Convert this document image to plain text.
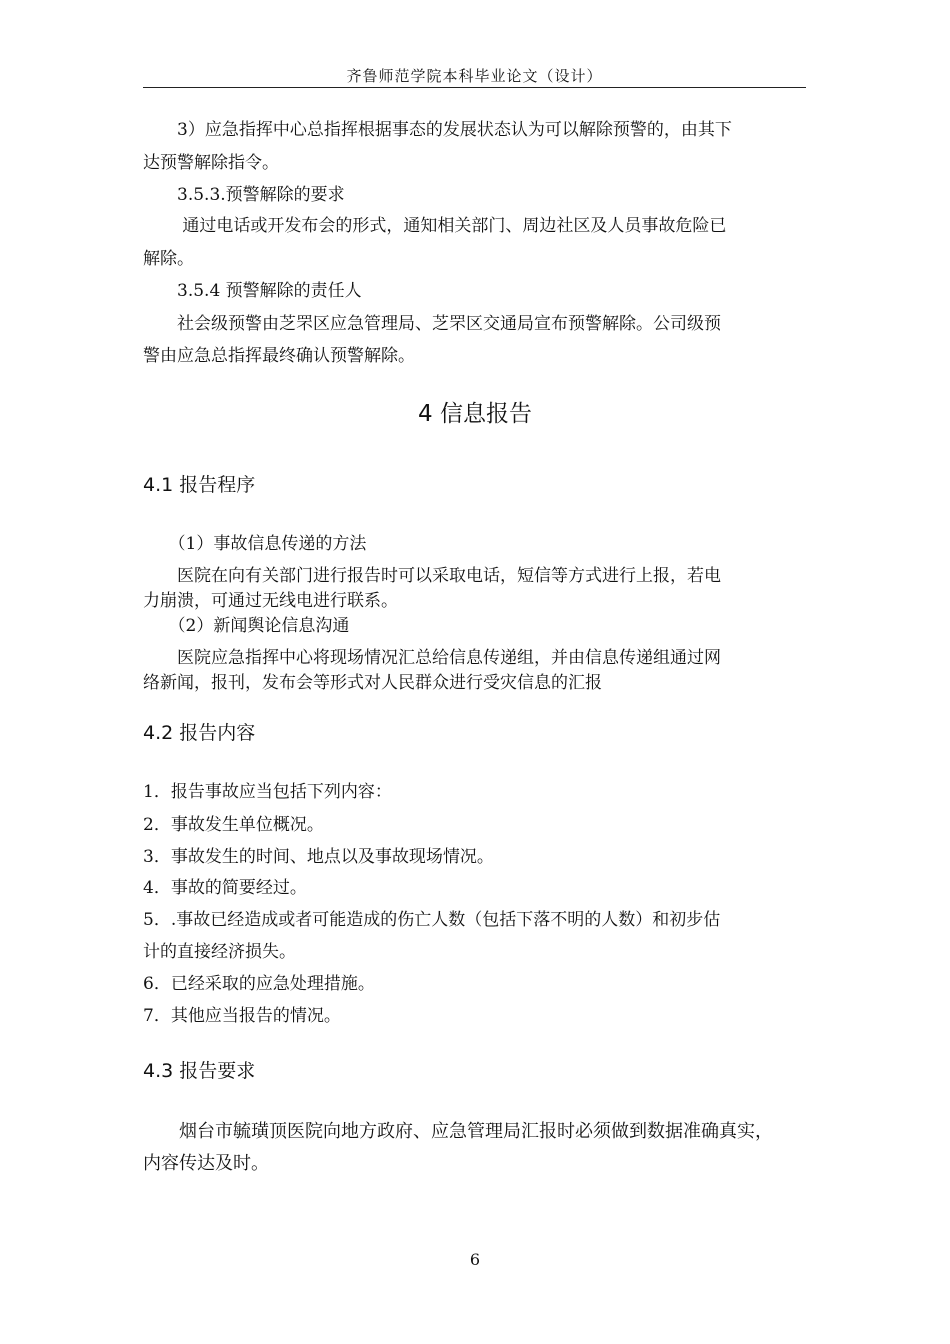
齐鲁师范学院本科毕业论文（设计）
　　3）应急指挥中心总指挥根据事态的发展状态认为可以解除预警的，由其下
达预警解除指令。
　　3.5.3.预警解除的要求
　　 通过电话或开发布会的形式，通知相关部门、周边社区及人员事故危险已
解除。
　　3.5.4 预警解除的责任人
　　社会级预警由芝罘区应急管理局、芝罘区交通局宣布预警解除。公司级预
警由应急总指挥最终确认预警解除。
4 信息报告
4.1 报告程序
　　（1）事故信息传递的方法
　　医院在向有关部门进行报告时可以采取电话，短信等方式进行上报，若电
力崩溃，可通过无线电进行联系。
　　（2）新闻舆论信息沟通
　　医院应急指挥中心将现场情况汇总给信息传递组，并由信息传递组通过网
络新闻，报刊，发布会等形式对人民群众进行受灾信息的汇报
4.2 报告内容
1．报告事故应当包括下列内容：
2．事故发生单位概况。
3．事故发生的时间、地点以及事故现场情况。
4．事故的简要经过。
5．.事故已经造成或者可能造成的伤亡人数（包括下落不明的人数）和初步估
计的直接经济损失。
6．已经采取的应急处理措施。
7．其他应当报告的情况。
4.3 报告要求
　　烟台市毓璜顶医院向地方政府、应急管理局汇报时必须做到数据准确真实，
内容传达及时。
6
